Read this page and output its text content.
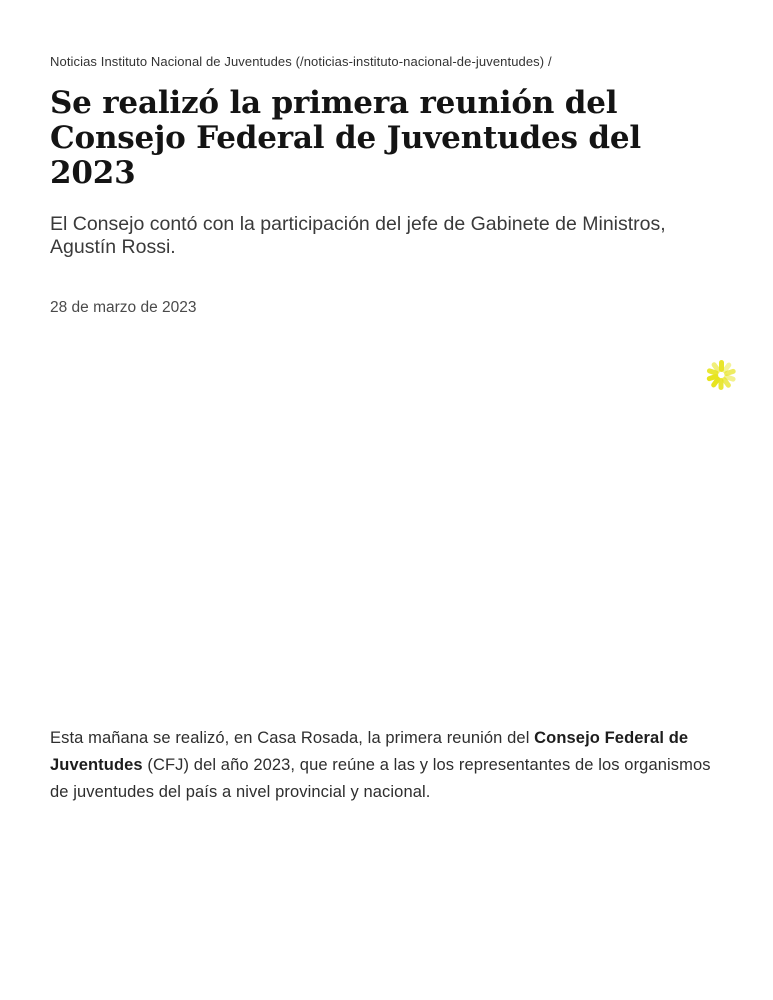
Noticias Instituto Nacional de Juventudes (/noticias-instituto-nacional-de-juventudes) /
Se realizó la primera reunión del Consejo Federal de Juventudes del 2023

El Consejo contó con la participación del jefe de Gabinete de Ministros, Agustín Rossi.

28 de marzo de 2023

Esta mañana se realizó, en Casa Rosada, la primera reunión del Consejo Federal de Juventudes (CFJ) del año 2023, que reúne a las y los representantes de los organismos de juventudes del país a nivel provincial y nacional.
